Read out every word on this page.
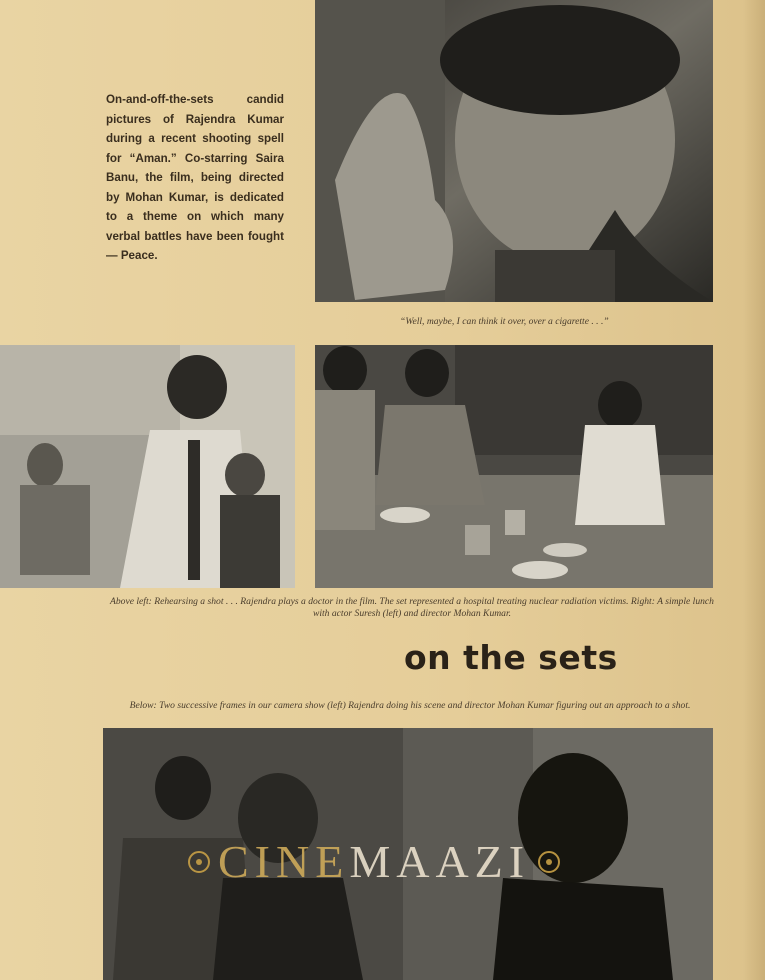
On-and-off-the-sets candid pictures of Rajendra Kumar during a recent shooting spell for “Aman.” Co-starring Saira Banu, the film, being directed by Mohan Kumar, is dedicated to a theme on which many verbal battles have been fought — Peace.
“Well, maybe, I can think it over, over a cigarette . . .”
Above left: Rehearsing a shot . . . Rajendra plays a doctor in the film. The set represented a hospital treating nuclear radiation victims. Right: A simple lunch with actor Suresh (left) and director Mohan Kumar.
on the sets
Below: Two successive frames in our camera show (left) Rajendra doing his scene and director Mohan Kumar figuring out an approach to a shot.
CINEMAAZI
